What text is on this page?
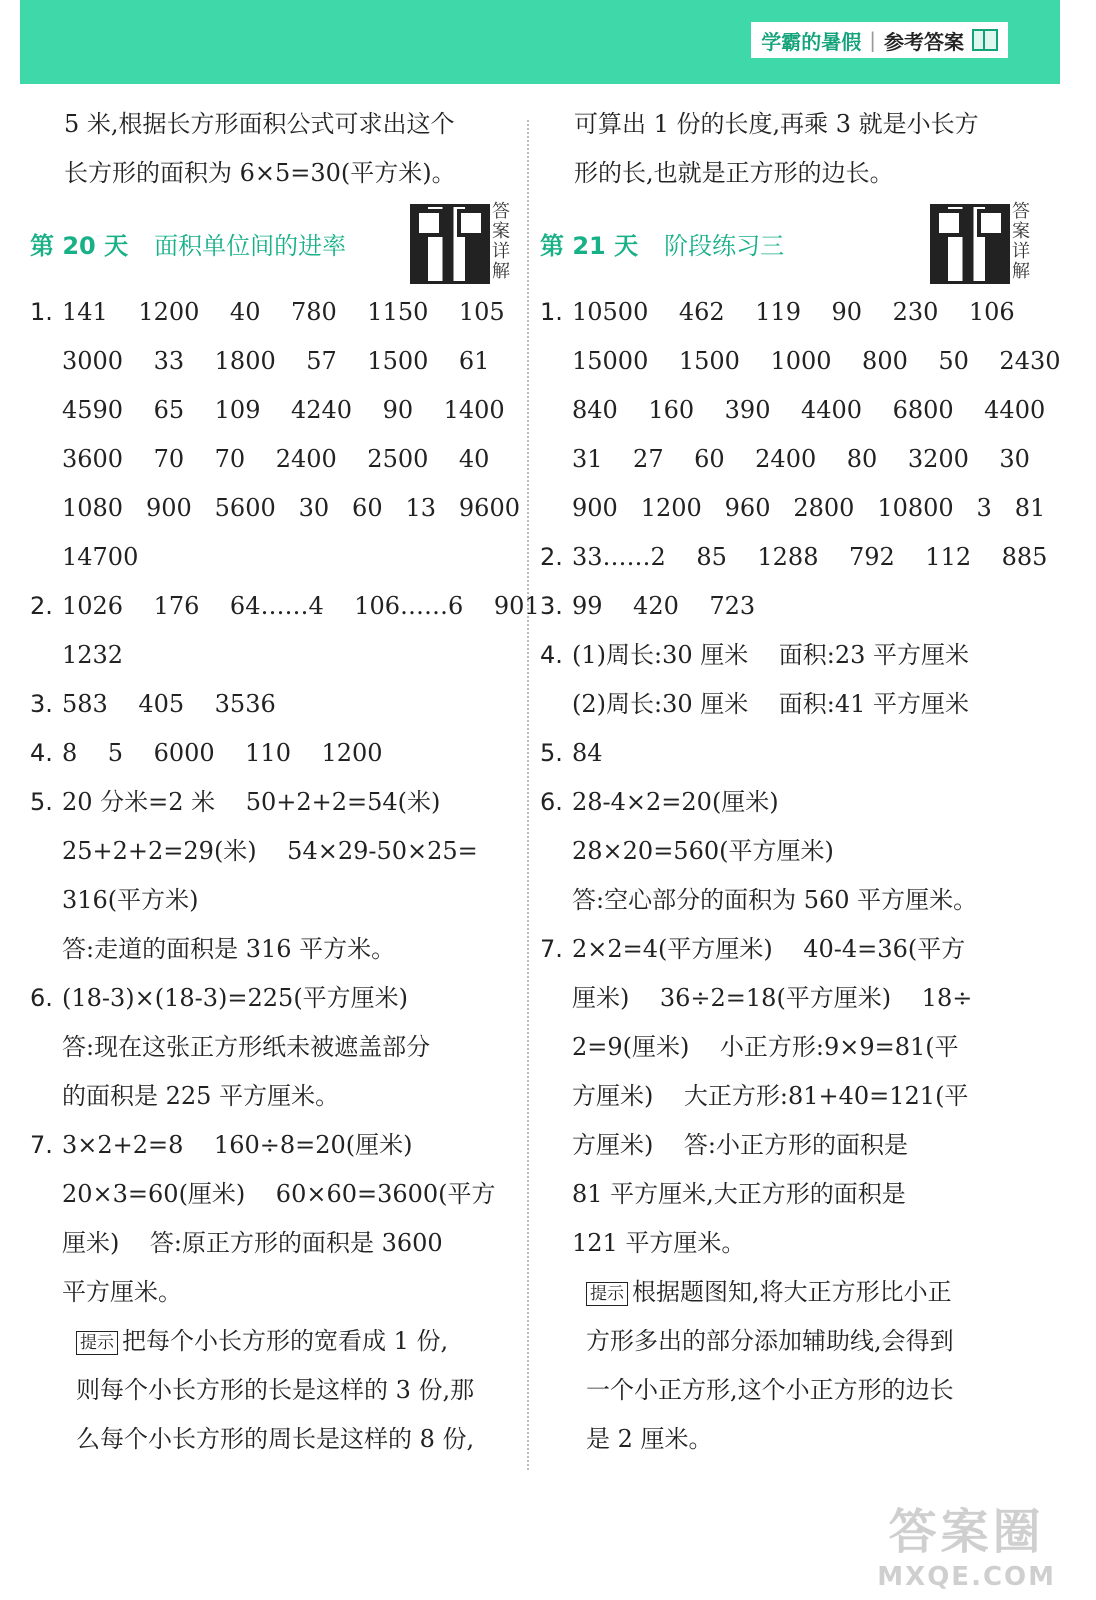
学霸的暑假 | 参考答案
5 米,根据长方形面积公式可求出这个
长方形的面积为 6×5=30(平方米)。
第 20 天 面积单位间的进率
答案详解
1. 141    1200    40    780    1150    105
3000    33    1800    57    1500    61
4590    65    109    4240    90    1400
3600    70    70    2400    2500    40
1080   900   5600   30   60   13   9600
14700
2. 1026    176    64……4    106……6    901
1232
3. 583    405    3536
4. 8    5    6000    110    1200
5. 20 分米=2 米    50+2+2=54(米)
25+2+2=29(米)    54×29-50×25=
316(平方米)
答:走道的面积是 316 平方米。
6. (18-3)×(18-3)=225(平方厘米)
答:现在这张正方形纸未被遮盖部分
的面积是 225 平方厘米。
7. 3×2+2=8    160÷8=20(厘米)
20×3=60(厘米)    60×60=3600(平方
厘米)    答:原正方形的面积是 3600
平方厘米。
提示 把每个小长方形的宽看成 1 份,
则每个小长方形的长是这样的 3 份,那
么每个小长方形的周长是这样的 8 份,
可算出 1 份的长度,再乘 3 就是小长方
形的长,也就是正方形的边长。
第 21 天 阶段练习三
答案详解
1. 10500    462    119    90    230    106
15000    1500    1000    800    50    2430
840    160    390    4400    6800    4400
31    27    60    2400    80    3200    30
900   1200   960   2800   10800   3   81
2. 33……2    85    1288    792    112    885
3. 99    420    723
4. (1)周长:30 厘米    面积:23 平方厘米
(2)周长:30 厘米    面积:41 平方厘米
5. 84
6. 28-4×2=20(厘米)
28×20=560(平方厘米)
答:空心部分的面积为 560 平方厘米。
7. 2×2=4(平方厘米)    40-4=36(平方
厘米)    36÷2=18(平方厘米)    18÷
2=9(厘米)    小正方形:9×9=81(平
方厘米)    大正方形:81+40=121(平
方厘米)    答:小正方形的面积是
81 平方厘米,大正方形的面积是
121 平方厘米。
提示 根据题图知,将大正方形比小正
方形多出的部分添加辅助线,会得到
一个小正方形,这个小正方形的边长
是 2 厘米。
答案圈
MXQE.COM
